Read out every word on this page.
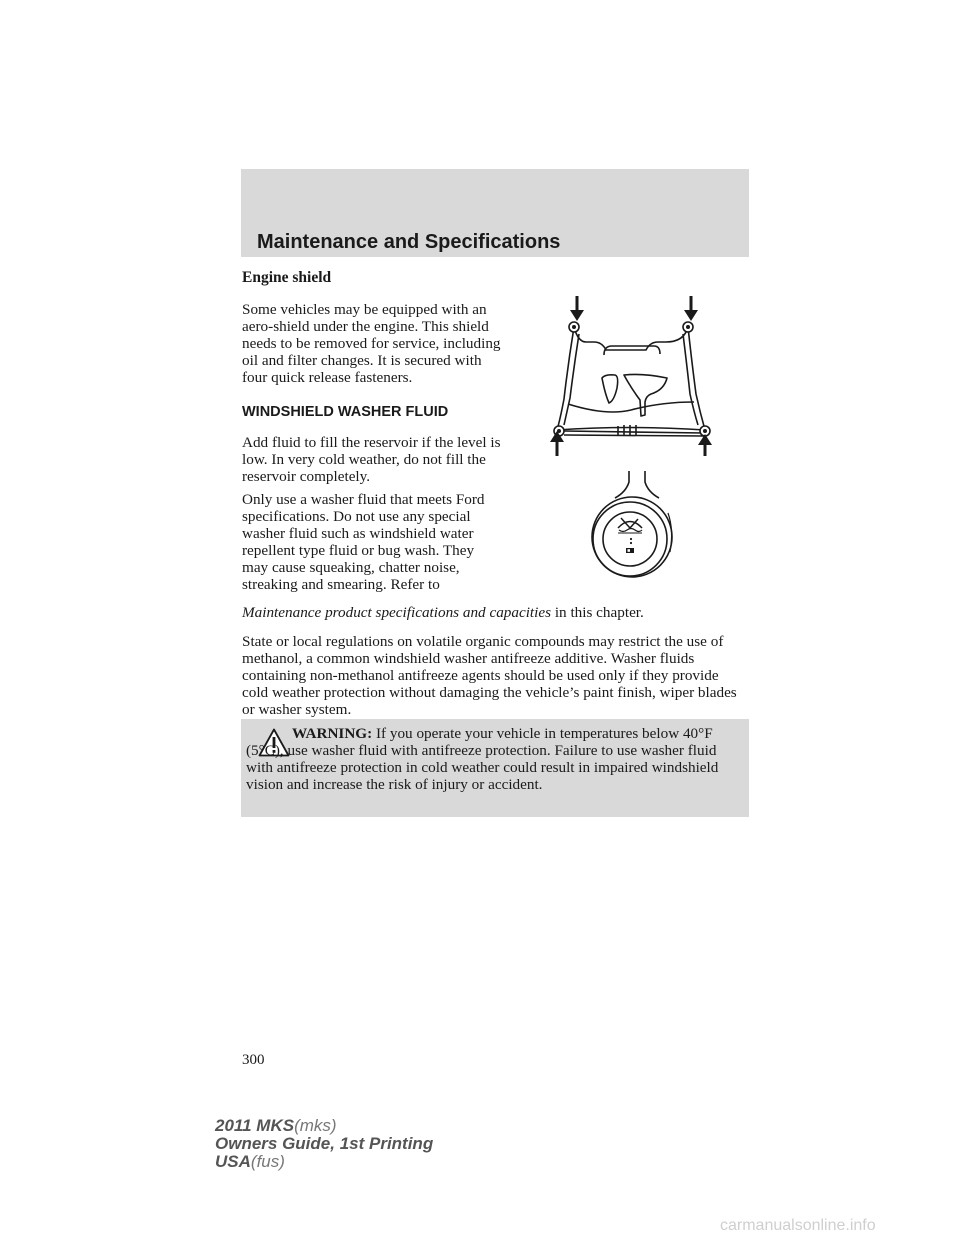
Maintenance and Specifications
Engine shield

Some vehicles may be equipped with an aero-shield under the engine. This shield needs to be removed for service, including oil and filter changes. It is secured with four quick release fasteners.

WINDSHIELD WASHER FLUID

Add fluid to fill the reservoir if the level is low. In very cold weather, do not fill the reservoir completely.

Only use a washer fluid that meets Ford specifications. Do not use any special washer fluid such as windshield water repellent type fluid or bug wash. They may cause squeaking, chatter noise, streaking and smearing. Refer to

Maintenance product specifications and capacities in this chapter.

State or local regulations on volatile organic compounds may restrict the use of methanol, a common windshield washer antifreeze additive. Washer fluids containing non-methanol antifreeze agents should be used only if they provide cold weather protection without damaging the vehicle’s paint finish, wiper blades or washer system.

WARNING: If you operate your vehicle in temperatures below 40°F (5°C), use washer fluid with antifreeze protection. Failure to use washer fluid with antifreeze protection in cold weather could result in impaired windshield vision and increase the risk of injury or accident.

300
2011 MKS(mks)
Owners Guide, 1st Printing
USA(fus)
carmanualsonline.info
